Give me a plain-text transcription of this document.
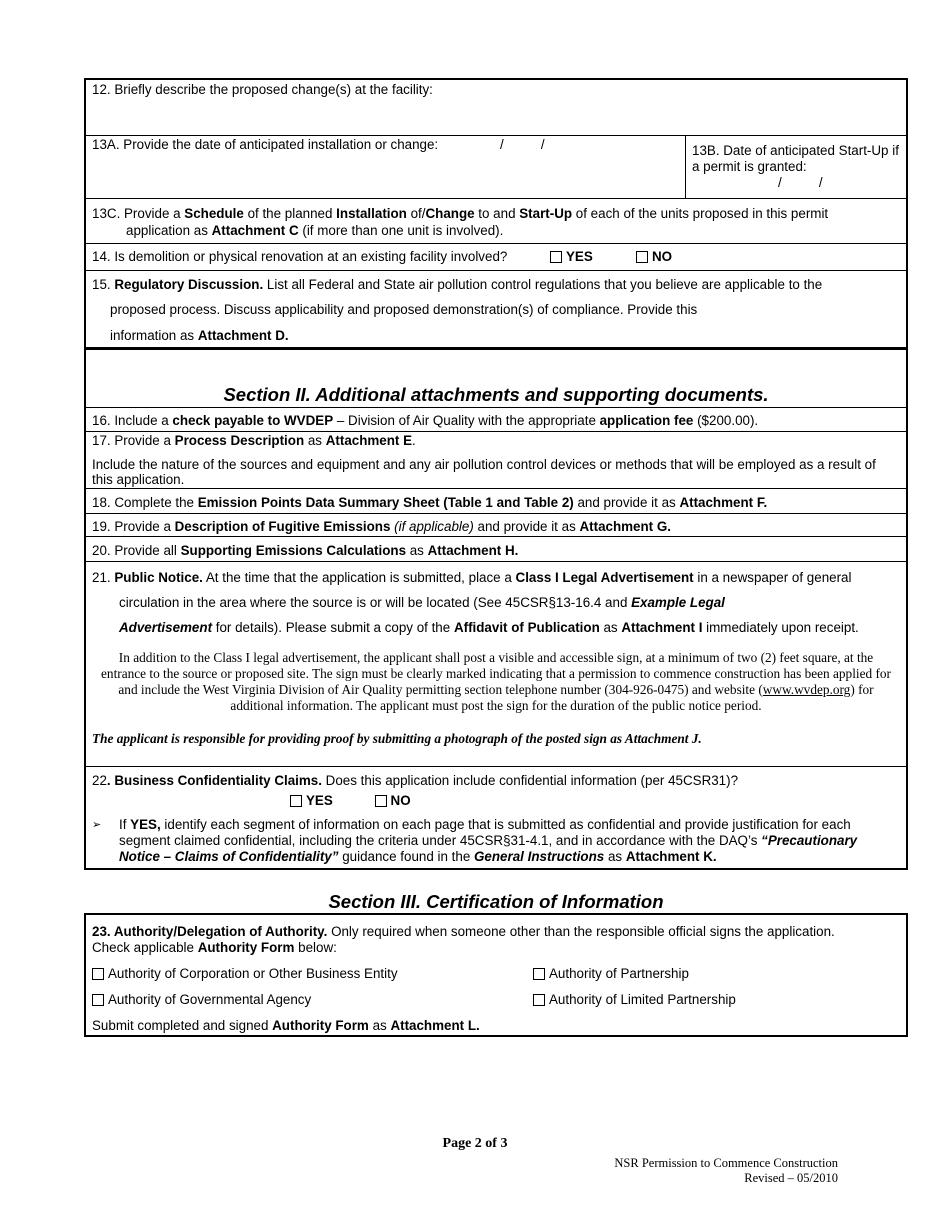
12. Briefly describe the proposed change(s) at the facility:
13A. Provide the date of anticipated installation or change:	/          /	13B. Date of anticipated Start-Up if a permit is granted:
/          /
13C. Provide a Schedule of the planned Installation of/Change to and Start-Up of each of the units proposed in this permit
application as Attachment C (if more than one unit is involved).
14. Is demolition or physical renovation at an existing facility involved?	YES	NO
15. Regulatory Discussion. List all Federal and State air pollution control regulations that you believe are applicable to the
proposed process. Discuss applicability and proposed demonstration(s) of compliance. Provide this
information as Attachment D.
Section II. Additional attachments and supporting documents.
16. Include a check payable to WVDEP – Division of Air Quality with the appropriate application fee ($200.00).
17. Provide a Process Description as Attachment E.

Include the nature of the sources and equipment and any air pollution control devices or methods that will be employed as a result of this application.

18. Complete the Emission Points Data Summary Sheet (Table 1 and Table 2) and provide it as Attachment F.
19. Provide a Description of Fugitive Emissions (if applicable) and provide it as Attachment G.
20. Provide all Supporting Emissions Calculations as Attachment H.
21. Public Notice. At the time that the application is submitted, place a Class I Legal Advertisement in a newspaper of general
circulation in the area where the source is or will be located (See 45CSR§13-16.4 and Example Legal
Advertisement for details). Please submit a copy of the Affidavit of Publication as Attachment I immediately upon receipt.

In addition to the Class I legal advertisement, the applicant shall post a visible and accessible sign, at a minimum of two (2) feet square, at the entrance to the source or proposed site. The sign must be clearly marked indicating that a permission to commence construction has been applied for and include the West Virginia Division of Air Quality permitting section telephone number (304-926-0475) and website (www.wvdep.org) for additional information. The applicant must post the sign for the duration of the public notice period.

The applicant is responsible for providing proof by submitting a photograph of the posted sign as Attachment J.

22. Business Confidentiality Claims. Does this application include confidential information (per 45CSR31)?
YES	NO
➢ If YES, identify each segment of information on each page that is submitted as confidential and provide justification for each segment claimed confidential, including the criteria under 45CSR§31-4.1, and in accordance with the DAQ’s “Precautionary Notice – Claims of Confidentiality” guidance found in the General Instructions as Attachment K.
Section III. Certification of Information
23. Authority/Delegation of Authority. Only required when someone other than the responsible official signs the application.
Check applicable Authority Form below:
Authority of Corporation or Other Business Entity	Authority of Partnership
Authority of Governmental Agency	Authority of Limited Partnership
Submit completed and signed Authority Form as Attachment L.
Page 2 of 3
NSR Permission to Commence Construction
Revised – 05/2010
